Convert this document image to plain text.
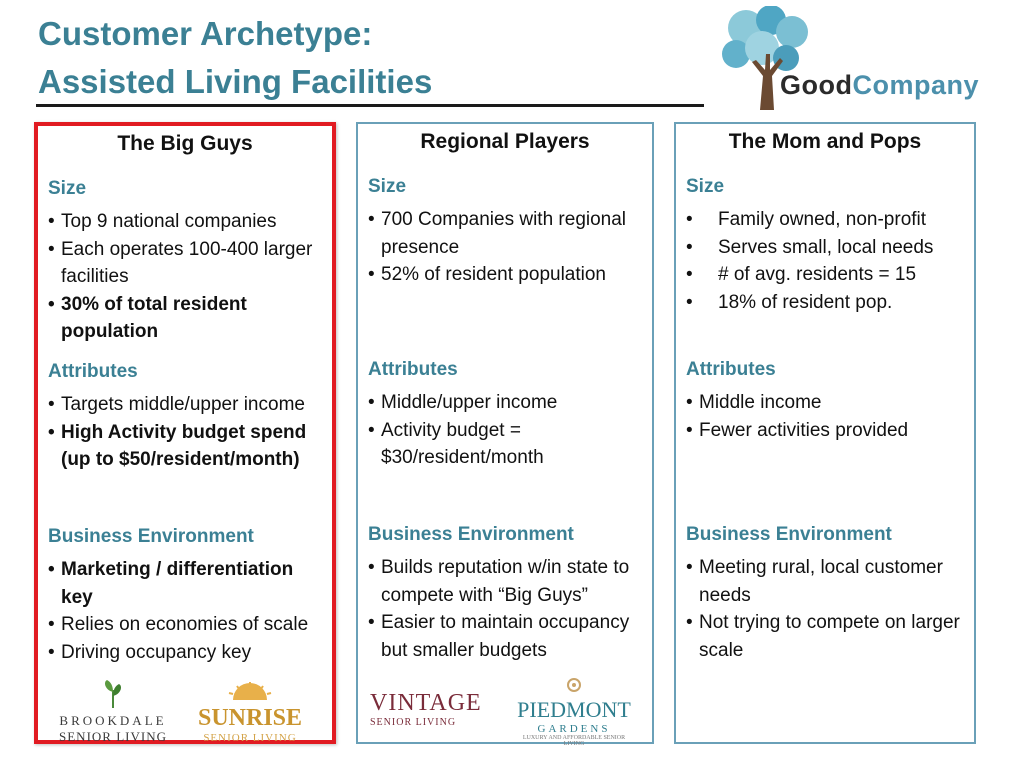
Customer Archetype:
Assisted Living Facilities	GoodCompany
The Big Guys
Size
• Top 9 national companies
• Each operates 100-400 larger facilities
• 30% of total resident population
Attributes
• Targets middle/upper income
• High Activity budget spend (up to $50/resident/month)
Business Environment
• Marketing / differentiation key
• Relies on economies of scale
• Driving occupancy key
BROOKDALE
SENIOR LIVING
SUNRISE
SENIOR LIVING
Regional Players
Size
• 700 Companies with regional presence
• 52% of resident population
Attributes
• Middle/upper income
• Activity budget = $30/resident/month
Business Environment
• Builds reputation w/in state to compete with “Big Guys”
• Easier to maintain occupancy but smaller budgets
VINTAGE
SENIOR LIVING
PIEDMONT
GARDENS
LUXURY AND AFFORDABLE SENIOR LIVING
The Mom and Pops
Size
• Family owned, non-profit
• Serves small, local needs
• # of avg. residents = 15
• 18% of resident pop.
Attributes
• Middle income
• Fewer activities provided
Business Environment
• Meeting rural, local customer needs
• Not trying to compete on larger scale
